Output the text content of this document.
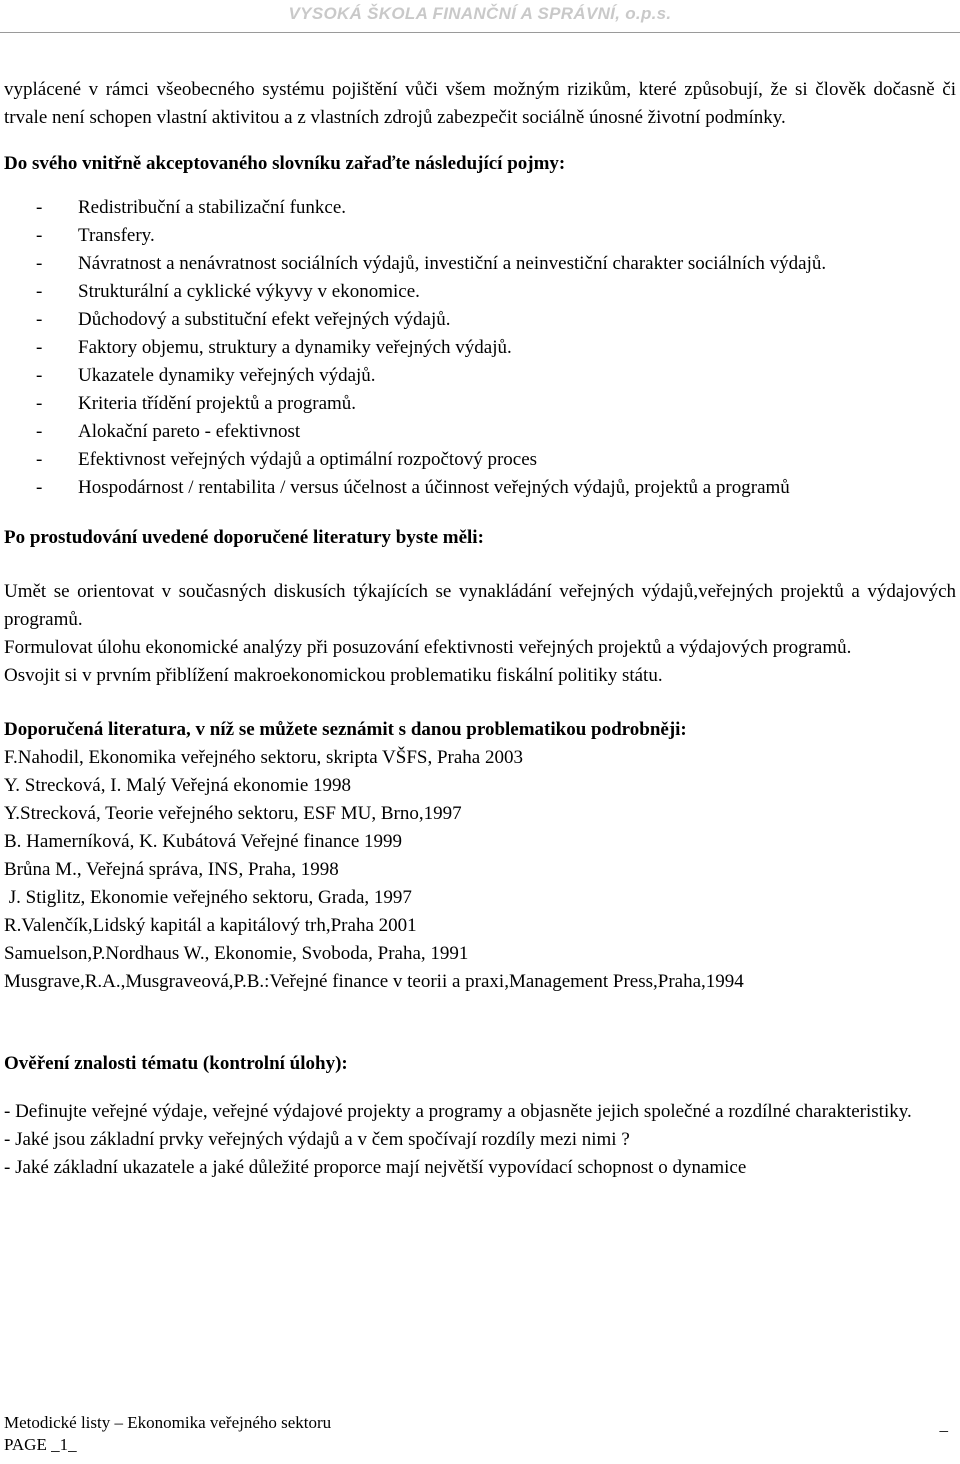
VYSOKÁ ŠKOLA FINANČNÍ A SPRÁVNÍ, o.p.s.

vyplácené v rámci všeobecného systému pojištění vůči všem možným rizikům, které způsobují, že si člověk dočasně či trvale není schopen vlastní aktivitou a z vlastních zdrojů zabezpečit sociálně únosné životní podmínky.

Do svého vnitřně akceptovaného slovníku zařaďte následující pojmy:

- Redistribuční a stabilizační funkce.
- Transfery.
- Návratnost a nenávratnost sociálních výdajů, investiční a neinvestiční charakter sociálních výdajů.
- Strukturální a cyklické výkyvy v ekonomice.
- Důchodový a substituční efekt veřejných výdajů.
- Faktory objemu, struktury a dynamiky veřejných výdajů.
- Ukazatele dynamiky veřejných výdajů.
- Kriteria třídění projektů a programů.
- Alokační pareto - efektivnost
- Efektivnost veřejných výdajů a optimální rozpočtový proces
- Hospodárnost / rentabilita / versus účelnost a účinnost veřejných výdajů, projektů a programů

Po prostudování uvedené doporučené literatury byste měli:

Umět se orientovat v současných diskusích týkajících se vynakládání veřejných výdajů,veřejných projektů a výdajových programů.

Formulovat úlohu ekonomické analýzy při posuzování efektivnosti veřejných projektů a výdajových programů.

Osvojit si v prvním přiblížení makroekonomickou problematiku fiskální politiky státu.

Doporučená literatura, v níž se můžete seznámit s danou problematikou podrobněji:

F.Nahodil, Ekonomika veřejného sektoru, skripta VŠFS, Praha 2003

Y. Strecková, I. Malý Veřejná ekonomie 1998

Y.Strecková, Teorie veřejného sektoru, ESF MU, Brno,1997

B. Hamerníková, K. Kubátová Veřejné finance 1999

Brůna M., Veřejná správa, INS, Praha, 1998

J. Stiglitz, Ekonomie veřejného sektoru, Grada, 1997

R.Valenčík,Lidský kapitál a kapitálový trh,Praha 2001

Samuelson,P.Nordhaus W., Ekonomie, Svoboda, Praha, 1991

Musgrave,R.A.,Musgraveová,P.B.:Veřejné finance v teorii a praxi,Management Press,Praha,1994

Ověření znalosti tématu (kontrolní úlohy):

- Definujte veřejné výdaje, veřejné výdajové projekty a programy a objasněte jejich společné a rozdílné charakteristiky.

- Jaké jsou základní prvky veřejných výdajů a v čem spočívají rozdíly mezi nimi ?

- Jaké základní ukazatele a jaké důležité proporce mají největší vypovídací schopnost o dynamice

Metodické listy – Ekonomika veřejného sektoru
PAGE _1_
_
